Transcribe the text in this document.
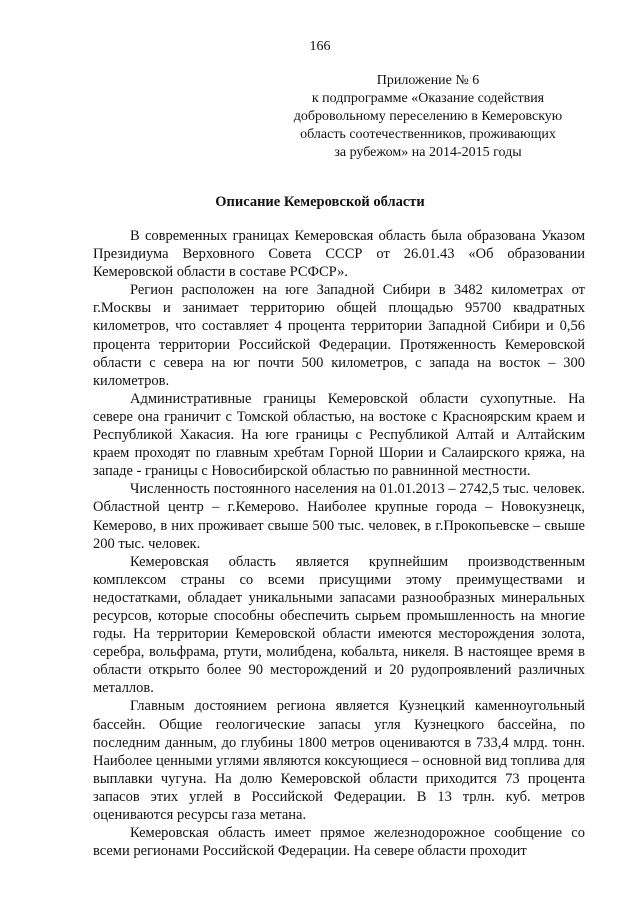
166
Приложение № 6
к подпрограмме «Оказание содействия
добровольному переселению в Кемеровскую
область соотечественников, проживающих
за рубежом» на 2014-2015 годы
Описание Кемеровской области

В современных границах Кемеровская область была образована Указом Президиума Верховного Совета СССР от 26.01.43 «Об образовании Кемеровской области в составе РСФСР».

Регион расположен на юге Западной Сибири в 3482 километрах от г.Москвы и занимает территорию общей площадью 95700 квадратных километров, что составляет 4 процента территории Западной Сибири и 0,56 процента территории Российской Федерации. Протяженность Кемеровской области с севера на юг почти 500 километров, с запада на восток – 300 километров.

Административные границы Кемеровской области сухопутные. На севере она граничит с Томской областью, на востоке с Красноярским краем и Республикой Хакасия. На юге границы с Республикой Алтай и Алтайским краем проходят по главным хребтам Горной Шории и Салаирского кряжа, на западе - границы с Новосибирской областью по равнинной местности.

Численность постоянного населения на 01.01.2013 – 2742,5 тыс. человек. Областной центр – г.Кемерово. Наиболее крупные города – Новокузнецк, Кемерово, в них проживает свыше 500 тыс. человек, в г.Прокопьевске – свыше 200 тыс. человек.

Кемеровская область является крупнейшим производственным комплексом страны со всеми присущими этому преимуществами и недостатками, обладает уникальными запасами разнообразных минеральных ресурсов, которые способны обеспечить сырьем промышленность на многие годы. На территории Кемеровской области имеются месторождения золота, серебра, вольфрама, ртути, молибдена, кобальта, никеля. В настоящее время в области открыто более 90 месторождений и 20 рудопроявлений различных металлов.

Главным достоянием региона является Кузнецкий каменноугольный бассейн. Общие геологические запасы угля Кузнецкого бассейна, по последним данным, до глубины 1800 метров оцениваются в 733,4 млрд. тонн. Наиболее ценными углями являются коксующиеся – основной вид топлива для выплавки чугуна. На долю Кемеровской области приходится 73 процента запасов этих углей в Российской Федерации. В 13 трлн. куб. метров оцениваются ресурсы газа метана.

Кемеровская область имеет прямое железнодорожное сообщение со всеми регионами Российской Федерации. На севере области проходит
